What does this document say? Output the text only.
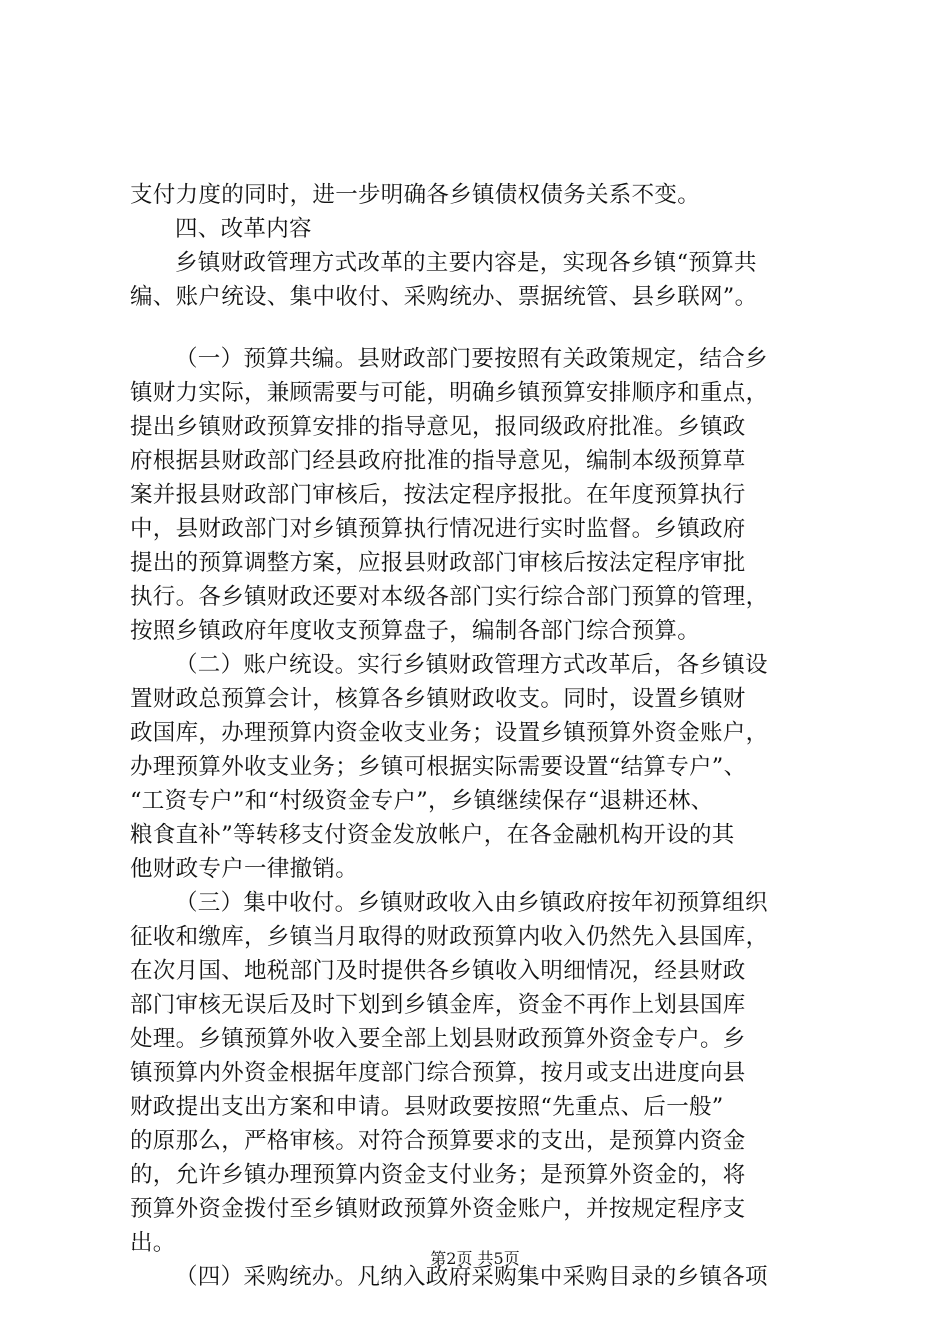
支付力度的同时，进一步明确各乡镇债权债务关系不变。
四、改革内容
乡镇财政管理方式改革的主要内容是，实现各乡镇“预算共
编、账户统设、集中收付、采购统办、票据统管、县乡联网”。
（一）预算共编。县财政部门要按照有关政策规定，结合乡
镇财力实际，兼顾需要与可能，明确乡镇预算安排顺序和重点，
提出乡镇财政预算安排的指导意见，报同级政府批准。乡镇政
府根据县财政部门经县政府批准的指导意见，编制本级预算草
案并报县财政部门审核后，按法定程序报批。在年度预算执行
中，县财政部门对乡镇预算执行情况进行实时监督。乡镇政府
提出的预算调整方案，应报县财政部门审核后按法定程序审批
执行。各乡镇财政还要对本级各部门实行综合部门预算的管理，
按照乡镇政府年度收支预算盘子，编制各部门综合预算。
（二）账户统设。实行乡镇财政管理方式改革后，各乡镇设
置财政总预算会计，核算各乡镇财政收支。同时，设置乡镇财
政国库，办理预算内资金收支业务；设置乡镇预算外资金账户，
办理预算外收支业务；乡镇可根据实际需要设置“结算专户”、
“工资专户”和“村级资金专户”，乡镇继续保存“退耕还林、
粮食直补”等转移支付资金发放帐户，在各金融机构开设的其
他财政专户一律撤销。
（三）集中收付。乡镇财政收入由乡镇政府按年初预算组织
征收和缴库，乡镇当月取得的财政预算内收入仍然先入县国库，
在次月国、地税部门及时提供各乡镇收入明细情况，经县财政
部门审核无误后及时下划到乡镇金库，资金不再作上划县国库
处理。乡镇预算外收入要全部上划县财政预算外资金专户。乡
镇预算内外资金根据年度部门综合预算，按月或支出进度向县
财政提出支出方案和申请。县财政要按照“先重点、后一般”
的原那么，严格审核。对符合预算要求的支出，是预算内资金
的，允许乡镇办理预算内资金支付业务；是预算外资金的，将
预算外资金拨付至乡镇财政预算外资金账户，并按规定程序支
出。
（四）采购统办。凡纳入政府采购集中采购目录的乡镇各项
第2页 共5页
